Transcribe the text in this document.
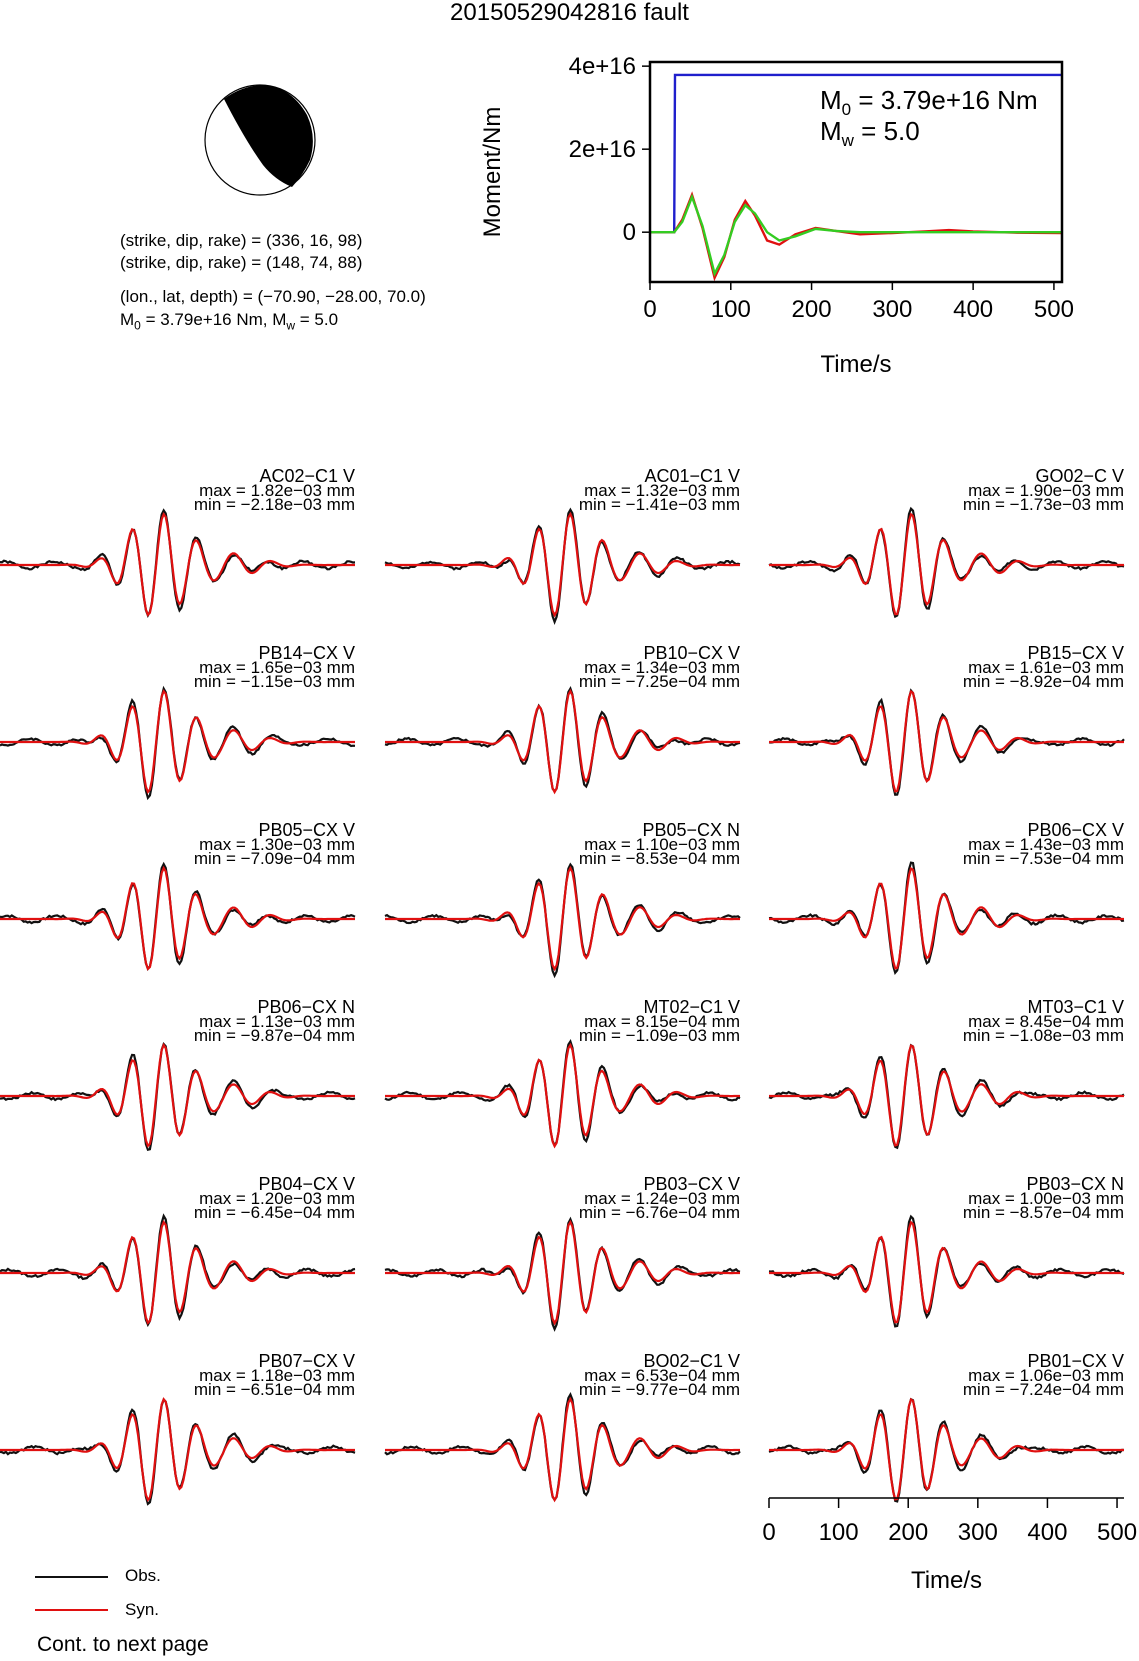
20150529042816 fault
(strike, dip, rake) = (336, 16, 98)
(strike, dip, rake) = (148, 74, 88)
(lon., lat, depth) = (−70.90, −28.00, 70.0)
$M_0 = 3.79e+16$ Nm, $M_w = 5.0$	0 100 200 300 400 500
0
2e+16
4e+16
Time/s
Moment/Nm
$M_0 = 3.79e+16$ Nm
$M_w = 5.0$
AC02−C1 V
max = 1.82e−03 mm
min = −2.18e−03 mm
AC01−C1 V
max = 1.32e−03 mm
min = −1.41e−03 mm
GO02−C V
max = 1.90e−03 mm
min = −1.73e−03 mm
PB14−CX V
max = 1.65e−03 mm
min = −1.15e−03 mm
PB10−CX V
max = 1.34e−03 mm
min = −7.25e−04 mm
PB15−CX V
max = 1.61e−03 mm
min = −8.92e−04 mm
PB05−CX V
max = 1.30e−03 mm
min = −7.09e−04 mm
PB05−CX N
max = 1.10e−03 mm
min = −8.53e−04 mm
PB06−CX V
max = 1.43e−03 mm
min = −7.53e−04 mm
PB06−CX N
max = 1.13e−03 mm
min = −9.87e−04 mm
MT02−C1 V
max = 8.15e−04 mm
min = −1.09e−03 mm
MT03−C1 V
max = 8.45e−04 mm
min = −1.08e−03 mm
PB04−CX V
max = 1.20e−03 mm
min = −6.45e−04 mm
PB03−CX V
max = 1.24e−03 mm
min = −6.76e−04 mm
PB03−CX N
max = 1.00e−03 mm
min = −8.57e−04 mm
PB07−CX V
max = 1.18e−03 mm
min = −6.51e−04 mm
BO02−C1 V
max = 6.53e−04 mm
min = −9.77e−04 mm
PB01−CX V
max = 1.06e−03 mm
min = −7.24e−04 mm
0 100 200 300 400 500
Time/s
Obs.
Syn.
Cont. to next page
